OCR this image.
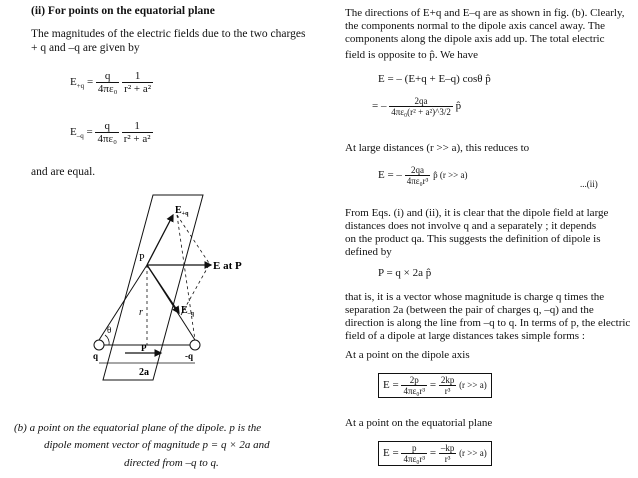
(ii) For points on the equatorial plane
The magnitudes of the electric fields due to the two charges
+ q and –q are given by
$E_{+q} = \frac{q}{\text{4πε₀}}$
$\frac{1}{\text{r² + a²}}$
$E_{-q} = \frac{q}{\text{4πε₀}}$
$\frac{1}{\text{r² + a²}}$
and are equal.
$E_{+q}$
$E_{-q}$
P
E at P
r
θ
q	-q
P
2a
(b) a point on the equatorial plane of the dipole. p is the
dipole moment vector of magnitude p = q × 2a and
directed from –q to q.
The directions of E+q and E–q are as shown in fig. (b). Clearly,
the components normal to the dipole axis cancel away. The
components along the dipole axis add up. The total electric
field is opposite to p̂. We have
E = – (E+q + E–q) cosθ p̂
= – $\frac{2qa}{\text{4πε₀(r² + a²)\textasciicircum{}3/2}}$ p̂
At large distances (r >> a), this reduces to
E = – $\frac{2qa}{\text{4πε₀r³}}$ p̂ (r >> a)
...(ii)
From Eqs. (i) and (ii), it is clear that the dipole field at large
distances does not involve q and a separately ; it depends
on the product qa. This suggests the definition of dipole is
defined by
P = q × 2a p̂
that is, it is a vector whose magnitude is charge q times the
separation 2a (between the pair of charges q, –q) and the
direction is along the line from –q to q. In terms of p, the electric
field of a dipole at large distances takes simple forms :
At a point on the dipole axis
$E = \frac{2p}{\text{4πε₀r³}} = \frac{2kp}{\text{r³}} (r >> a)$
At a point on the equatorial plane
$E = \frac{p}{\text{4πε₀r³}} = \frac{-kp}{\text{r³}} (r >> a)$
